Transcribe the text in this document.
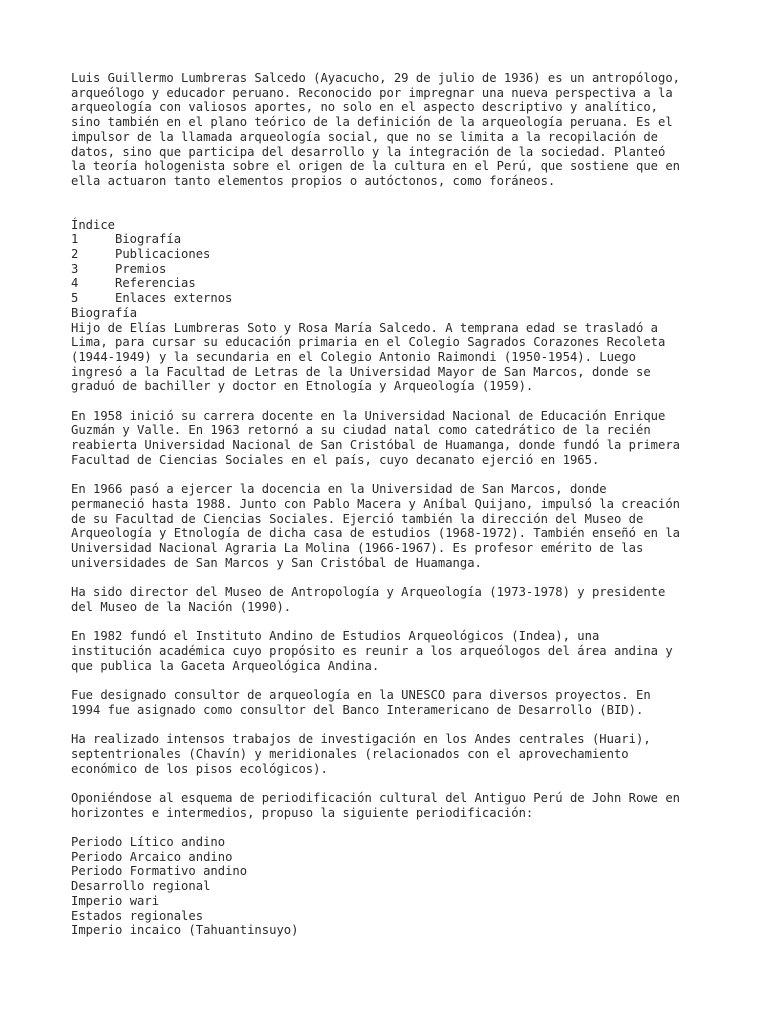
Luis Guillermo Lumbreras Salcedo (Ayacucho, 29 de julio de 1936) es un antropólogo,
arqueólogo y educador peruano. Reconocido por impregnar una nueva perspectiva a la
arqueología con valiosos aportes, no solo en el aspecto descriptivo y analítico,
sino también en el plano teórico de la definición de la arqueología peruana. Es el
impulsor de la llamada arqueología social, que no se limita a la recopilación de
datos, sino que participa del desarrollo y la integración de la sociedad. Planteó
la teoría hologenista sobre el origen de la cultura en el Perú, que sostiene que en
ella actuaron tanto elementos propios o autóctonos, como foráneos.

Índice

1	Biografía
2	Publicaciones
3	Premios
4	Referencias
5	Enlaces externos

Biografía

Hijo de Elías Lumbreras Soto y Rosa María Salcedo. A temprana edad se trasladó a
Lima, para cursar su educación primaria en el Colegio Sagrados Corazones Recoleta
(1944-1949) y la secundaria en el Colegio Antonio Raimondi (1950-1954). Luego
ingresó a la Facultad de Letras de la Universidad Mayor de San Marcos, donde se
graduó de bachiller y doctor en Etnología y Arqueología (1959).

En 1958 inició su carrera docente en la Universidad Nacional de Educación Enrique
Guzmán y Valle. En 1963 retornó a su ciudad natal como catedrático de la recién
reabierta Universidad Nacional de San Cristóbal de Huamanga, donde fundó la primera
Facultad de Ciencias Sociales en el país, cuyo decanato ejerció en 1965.

En 1966 pasó a ejercer la docencia en la Universidad de San Marcos, donde
permaneció hasta 1988. Junto con Pablo Macera y Aníbal Quijano, impulsó la creación
de su Facultad de Ciencias Sociales. Ejerció también la dirección del Museo de
Arqueología y Etnología de dicha casa de estudios (1968-1972). También enseñó en la
Universidad Nacional Agraria La Molina (1966-1967). Es profesor emérito de las
universidades de San Marcos y San Cristóbal de Huamanga.

Ha sido director del Museo de Antropología y Arqueología (1973-1978) y presidente
del Museo de la Nación (1990).

En 1982 fundó el Instituto Andino de Estudios Arqueológicos (Indea), una
institución académica cuyo propósito es reunir a los arqueólogos del área andina y
que publica la Gaceta Arqueológica Andina.

Fue designado consultor de arqueología en la UNESCO para diversos proyectos. En
1994 fue asignado como consultor del Banco Interamericano de Desarrollo (BID).

Ha realizado intensos trabajos de investigación en los Andes centrales (Huari),
septentrionales (Chavín) y meridionales (relacionados con el aprovechamiento
económico de los pisos ecológicos).

Oponiéndose al esquema de periodificación cultural del Antiguo Perú de John Rowe en
horizontes e intermedios, propuso la siguiente periodificación:

Periodo Lítico andino
Periodo Arcaico andino
Periodo Formativo andino
Desarrollo regional
Imperio wari
Estados regionales
Imperio incaico (Tahuantinsuyo)
